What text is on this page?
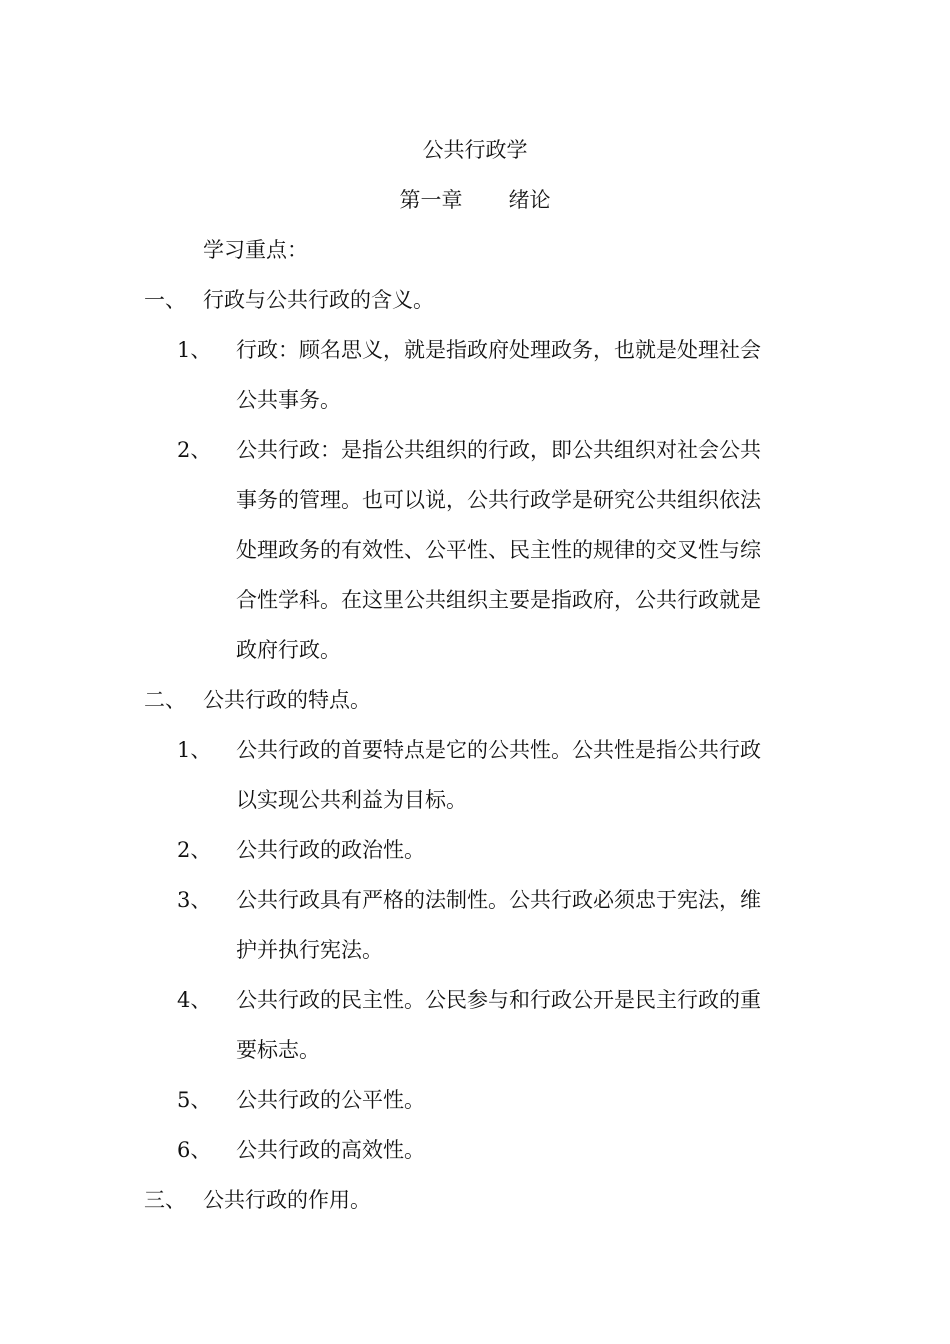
公共行政学
第一章 绪论
学习重点：
一、 行政与公共行政的含义。
1、 行政：顾名思义，就是指政府处理政务，也就是处理社会
公共事务。
2、 公共行政：是指公共组织的行政，即公共组织对社会公共
事务的管理。也可以说，公共行政学是研究公共组织依法
处理政务的有效性、公平性、民主性的规律的交叉性与综
合性学科。在这里公共组织主要是指政府，公共行政就是
政府行政。
二、 公共行政的特点。
1、 公共行政的首要特点是它的公共性。公共性是指公共行政
以实现公共利益为目标。
2、 公共行政的政治性。
3、 公共行政具有严格的法制性。公共行政必须忠于宪法，维
护并执行宪法。
4、 公共行政的民主性。公民参与和行政公开是民主行政的重
要标志。
5、 公共行政的公平性。
6、 公共行政的高效性。
三、 公共行政的作用。
